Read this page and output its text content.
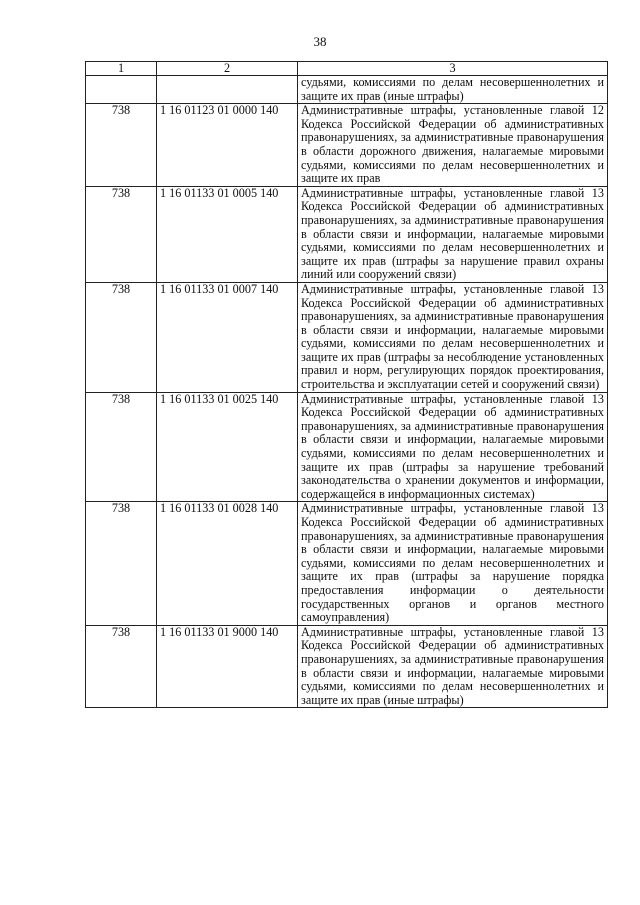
38
1	2	3

		судьями, комиссиями по делам несовершеннолетних и защите их прав (иные штрафы)

738	1 16 01123 01 0000 140	Административные штрафы, установленные главой 12 Кодекса Российской Федерации об административных правонарушениях, за административные правонарушения в области дорожного движения, налагаемые мировыми судьями, комиссиями по делам несовершеннолетних и защите их прав

738	1 16 01133 01 0005 140	Административные штрафы, установленные главой 13 Кодекса Российской Федерации об административных правонарушениях, за административные правонарушения в области связи и информации, налагаемые мировыми судьями, комиссиями по делам несовершеннолетних и защите их прав (штрафы за нарушение правил охраны линий или сооружений связи)

738	1 16 01133 01 0007 140	Административные штрафы, установленные главой 13 Кодекса Российской Федерации об административных правонарушениях, за административные правонарушения в области связи и информации, налагаемые мировыми судьями, комиссиями по делам несовершеннолетних и защите их прав (штрафы за несоблюдение установленных правил и норм, регулирующих порядок проектирования, строительства и эксплуатации сетей и сооружений связи)

738	1 16 01133 01 0025 140	Административные штрафы, установленные главой 13 Кодекса Российской Федерации об административных правонарушениях, за административные правонарушения в области связи и информации, налагаемые мировыми судьями, комиссиями по делам несовершеннолетних и защите их прав (штрафы за нарушение требований законодательства о хранении документов и информации, содержащейся в информационных системах)

738	1 16 01133 01 0028 140	Административные штрафы, установленные главой 13 Кодекса Российской Федерации об административных правонарушениях, за административные правонарушения в области связи и информации, налагаемые мировыми судьями, комиссиями по делам несовершеннолетних и защите их прав (штрафы за нарушение порядка предоставления информации о деятельности государственных органов и органов местного самоуправления)

738	1 16 01133 01 9000 140	Административные штрафы, установленные главой 13 Кодекса Российской Федерации об административных правонарушениях, за административные правонарушения в области связи и информации, налагаемые мировыми судьями, комиссиями по делам несовершеннолетних и защите их прав (иные штрафы)
